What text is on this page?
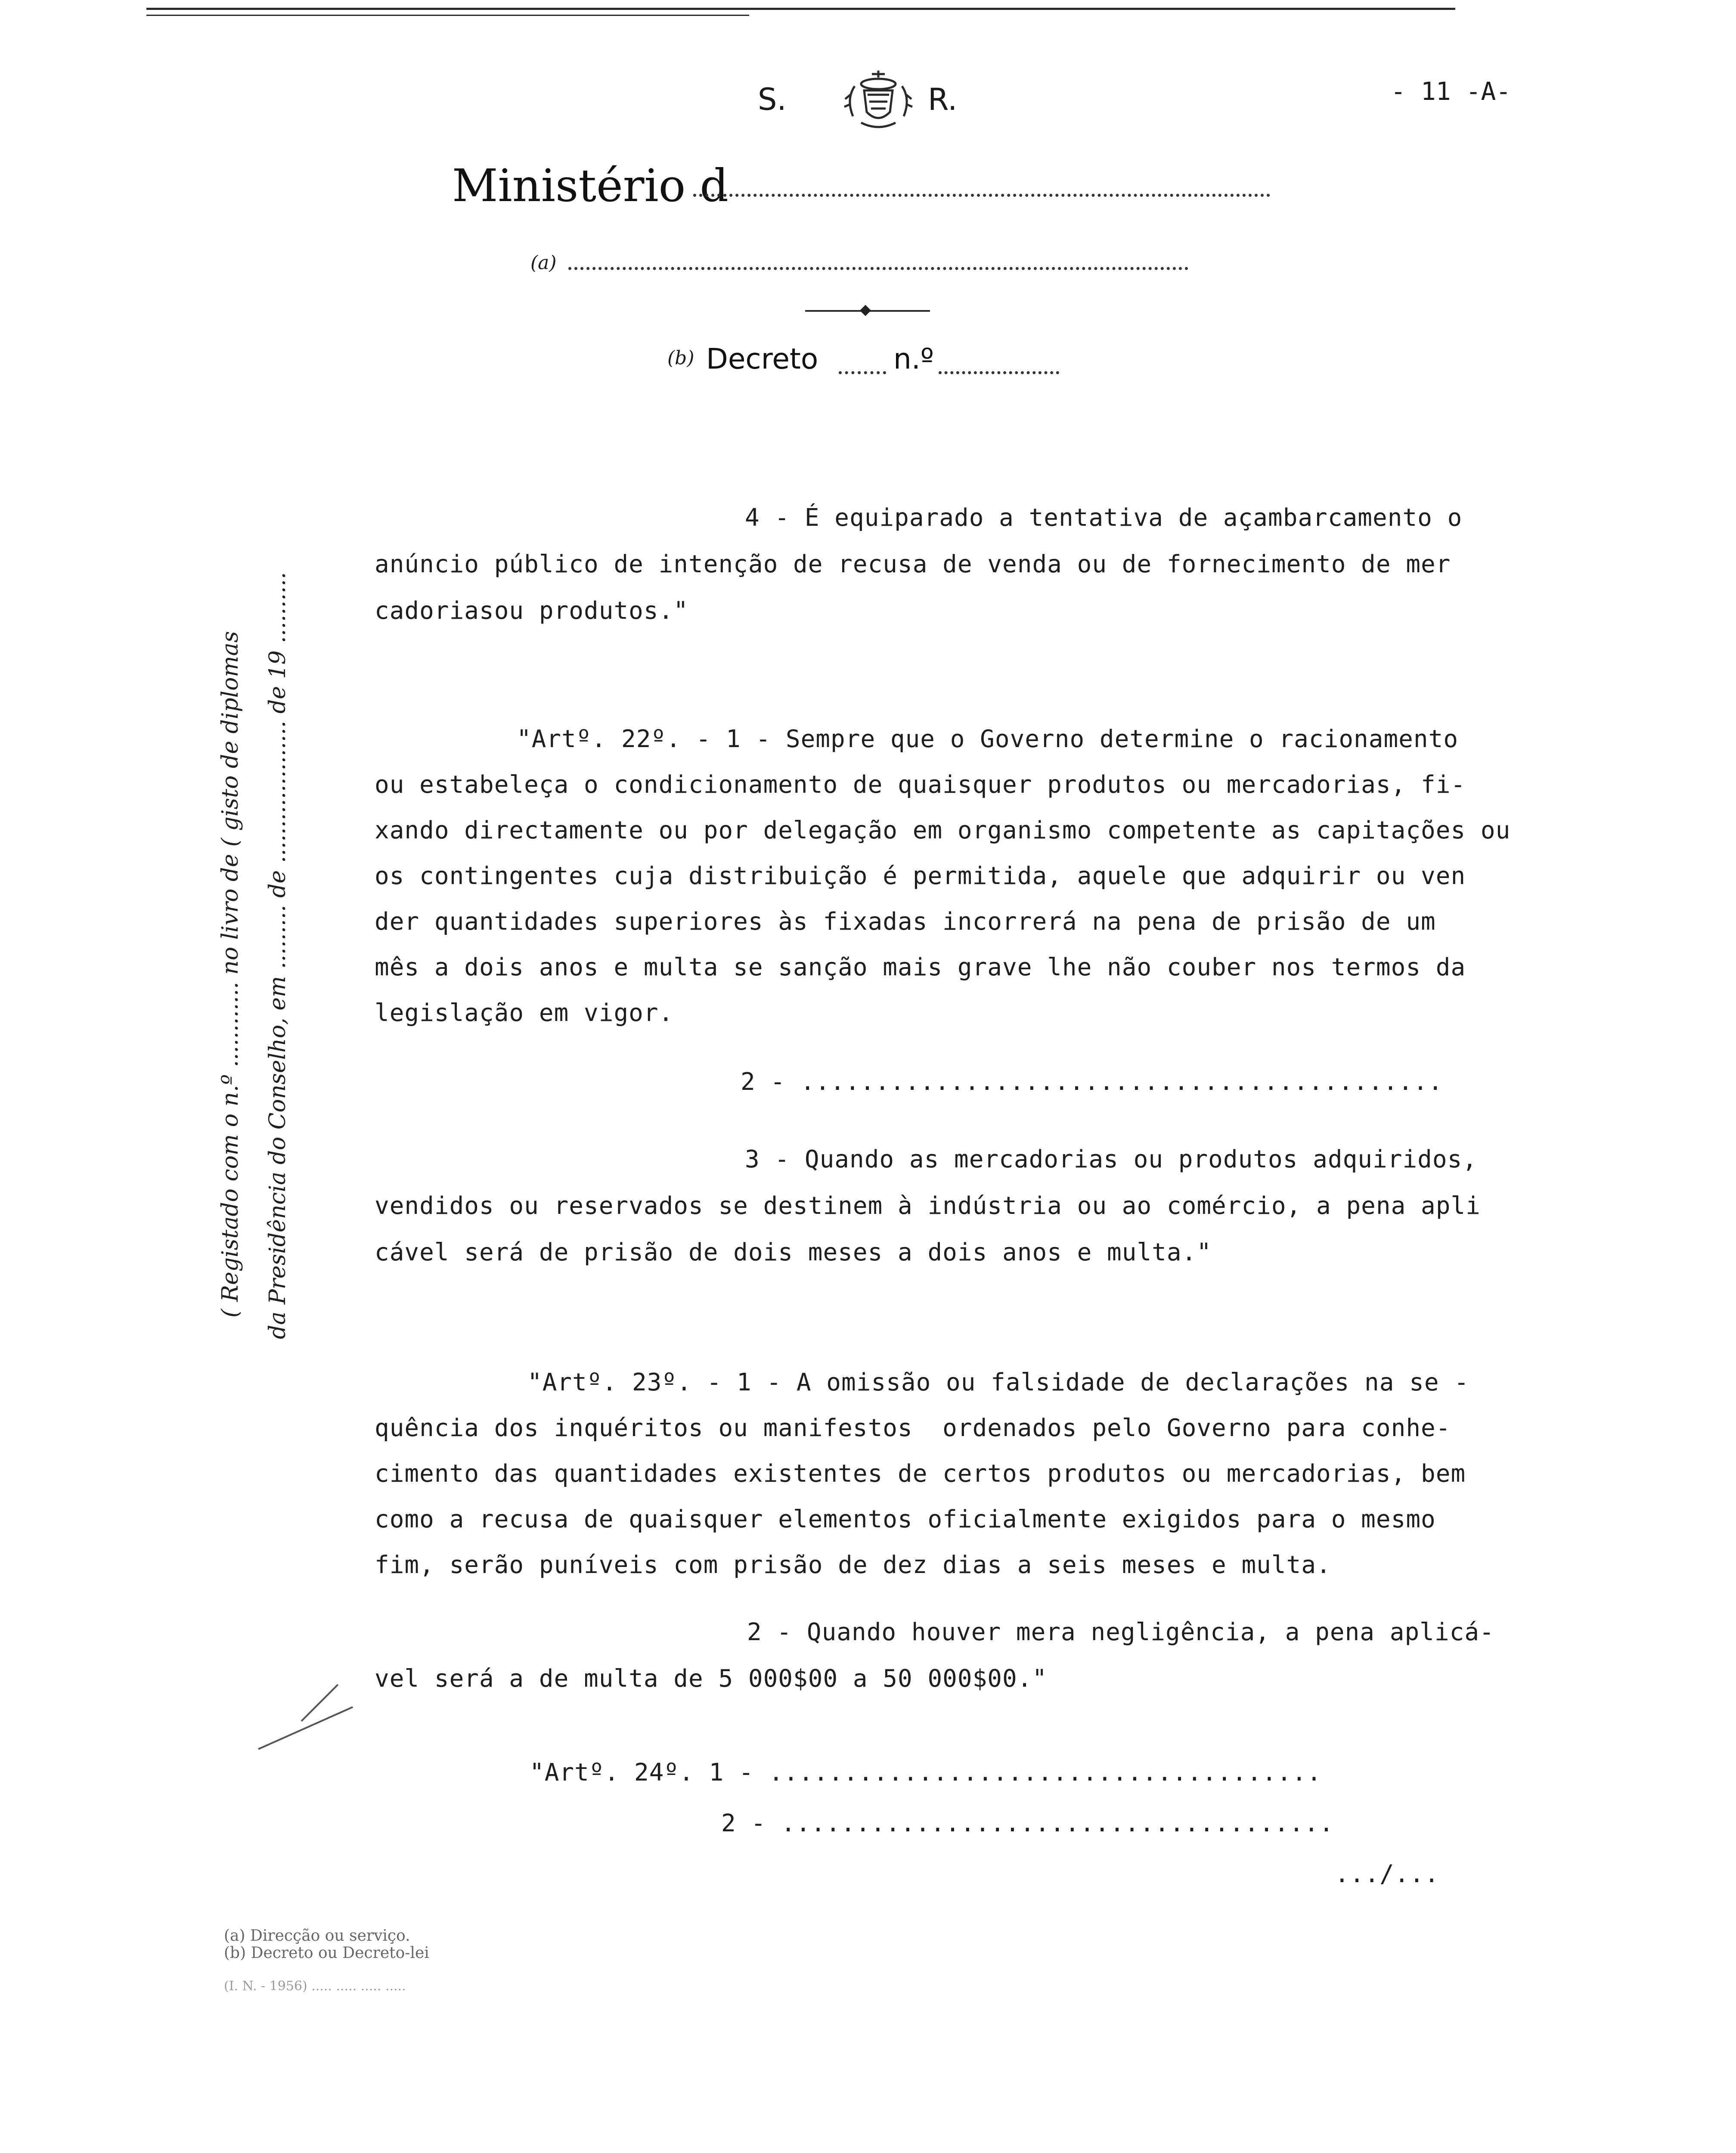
S.	R.	- 11 -A-
Ministério d
(a)
(b) Decreto	n.º
4 - É equiparado a tentativa de açambarcamento o
anúncio público de intenção de recusa de venda ou de fornecimento de mer
cadoriasou produtos."
"Artº. 22º. - 1 - Sempre que o Governo determine o racionamento
ou estabeleça o condicionamento de quaisquer produtos ou mercadorias, fi-
xando directamente ou por delegação em organismo competente as capitações ou
os contingentes cuja distribuição é permitida, aquele que adquirir ou ven
der quantidades superiores às fixadas incorrerá na pena de prisão de um
mês a dois anos e multa se sanção mais grave lhe não couber nos termos da
legislação em vigor.
2 - ...........................................
3 - Quando as mercadorias ou produtos adquiridos,
vendidos ou reservados se destinem à indústria ou ao comércio, a pena apli
cável será de prisão de dois meses a dois anos e multa."
"Artº. 23º. - 1 - A omissão ou falsidade de declarações na se -
quência dos inquéritos ou manifestos  ordenados pelo Governo para conhe-
cimento das quantidades existentes de certos produtos ou mercadorias, bem
como a recusa de quaisquer elementos oficialmente exigidos para o mesmo
fim, serão puníveis com prisão de dez dias a seis meses e multa.
2 - Quando houver mera negligência, a pena aplicá-
vel será a de multa de 5 000$00 a 50 000$00."
"Artº. 24º. 1 - .....................................
2 - .....................................
.../...
( Registado com o n.º ............ no livro de ( gisto de diplomas da Presidência do Conselho, em ......... de .................... de 19 ..........
(a) Direcção ou serviço.
(b) Decreto ou Decreto-lei
(I. N. - 1956) ..... ..... ..... .....
